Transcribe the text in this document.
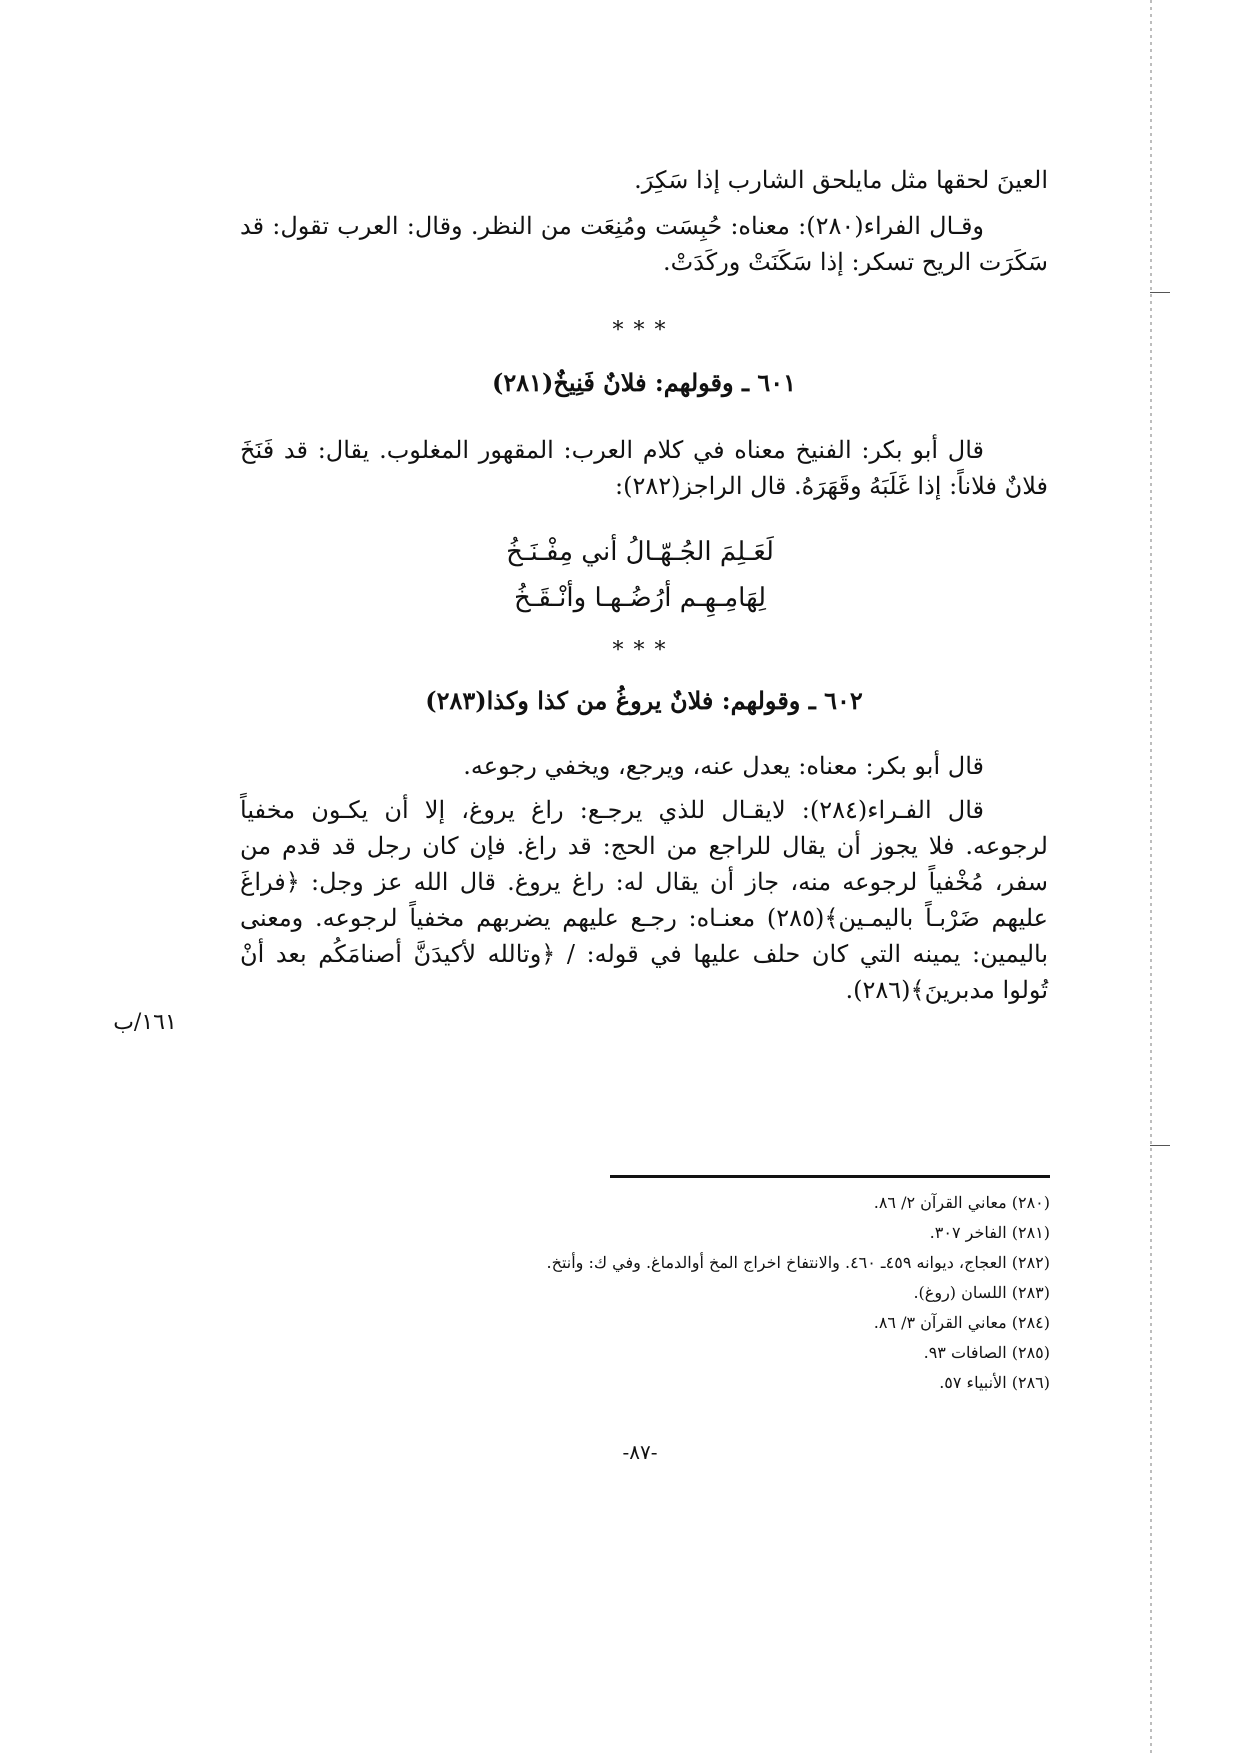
العينَ لحقها مثل مايلحق الشارب إذا سَكِرَ.
وقـال الفراء(٢٨٠): معناه: حُبِسَت ومُنِعَت من النظر. وقال: العرب تقول: قد سَكَرَت الريح تسكر: إذا سَكَنَتْ وركَدَتْ.
***
٦٠١ ـ وقولهم: فلانٌ فَنِيخٌ(٢٨١)
قال أبو بكر: الفنيخ معناه في كلام العرب: المقهور المغلوب. يقال: قد فَنَخَ فلانٌ فلاناً: إذا غَلَبَهُ وقَهَرَهُ. قال الراجز(٢٨٢):
لَعَـلِمَ الجُـهّـالُ أني مِفْـنَـخُ
لِهَامِـهِـم أرُضُـهـا وأنْـقَـخُ
***
٦٠٢ ـ وقولهم: فلانٌ يروغُ من كذا وكذا(٢٨٣)
قال أبو بكر: معناه: يعدل عنه، ويرجع، ويخفي رجوعه.
قال الفـراء(٢٨٤): لايقـال للذي يرجـع: راغ يروغ، إلا أن يكـون مخفياً لرجوعه. فلا يجوز أن يقال للراجع من الحج: قد راغ. فإن كان رجل قد قدم من سفر، مُخْفياً لرجوعه منه، جاز أن يقال له: راغ يروغ. قال الله عز وجل: ﴿فراغَ عليهم ضَرْبـاً باليمـين﴾(٢٨٥) معنـاه: رجـع عليهم يضربهم مخفياً لرجوعه. ومعنى باليمين: يمينه التي كان حلف عليها في قوله: / ﴿وتالله لأكيدَنَّ أصنامَكُم بعد أنْ تُولوا مدبرينَ﴾(٢٨٦).
١٦١/ب

(٢٨٠) معاني القرآن ٢/ ٨٦.

(٢٨١) الفاخر ٣٠٧.

(٢٨٢) العجاج، ديوانه ٤٥٩ـ ٤٦٠. والانتفاخ اخراج المخ أوالدماغ. وفي ك: وأنتخ.

(٢٨٣) اللسان (روغ).

(٢٨٤) معاني القرآن ٣/ ٨٦.

(٢٨٥) الصافات ٩٣.

(٢٨٦) الأنبياء ٥٧.

-٨٧-
